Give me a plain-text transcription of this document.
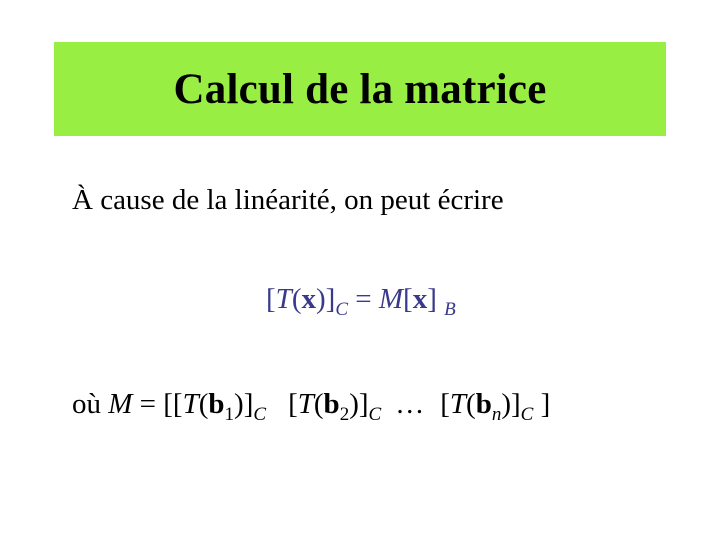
Calcul de la matrice
À cause de la linéarité, on peut écrire
$[T(x)]_C = M[x]$ $_B$
où $M = [[T(b_1)]_C$ $[T(b_2)]_C$ … $[T(b_n)]_C$ ]
